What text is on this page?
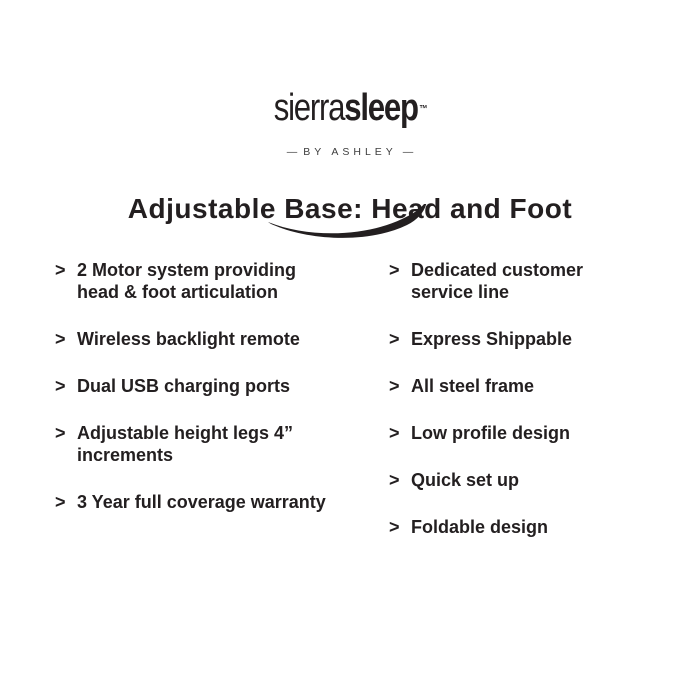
sierrasleep ™
— BY ASHLEY —
Adjustable Base: Head and Foot
> 2 Motor system providing head & foot articulation
> Wireless backlight remote
> Dual USB charging ports
> Adjustable height legs 4” increments
> 3 Year full coverage warranty
> Dedicated customer service line
> Express Shippable
> All steel frame
> Low profile design
> Quick set up
> Foldable design
